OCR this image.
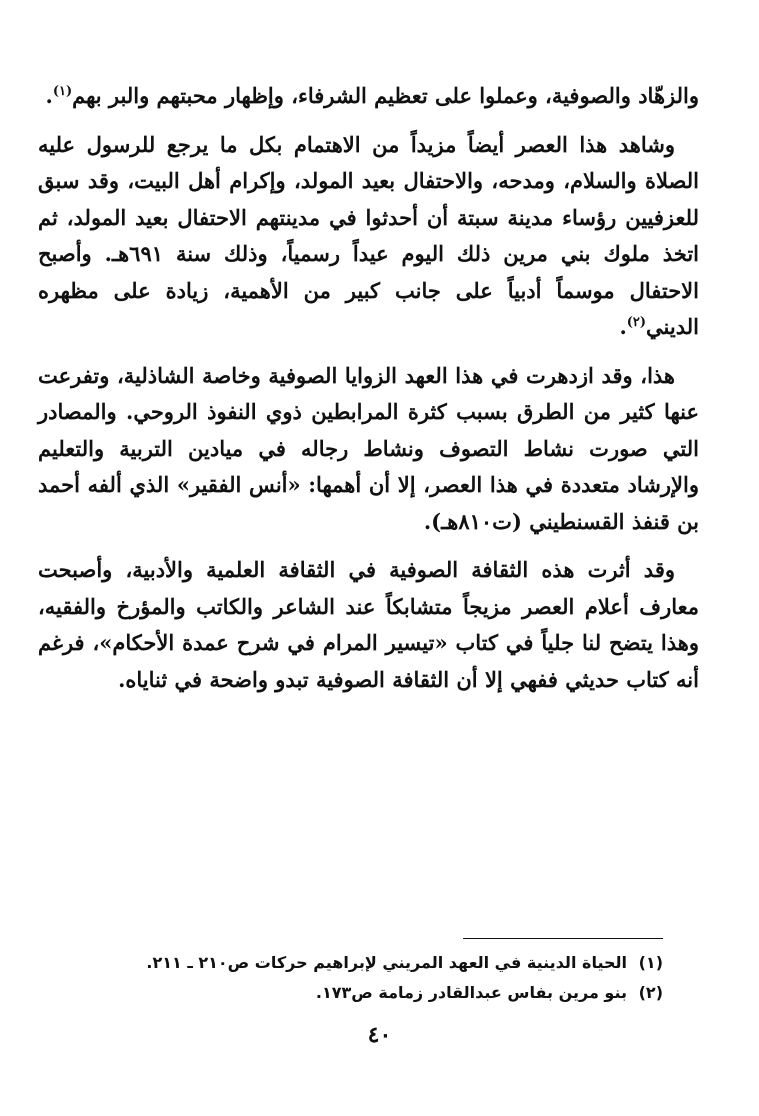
والزهّاد والصوفية، وعملوا على تعظيم الشرفاء، وإظهار محبتهم والبر بهم$^{(١)}$.

وشاهد هذا العصر أيضاً مزيداً من الاهتمام بكل ما يرجع للرسول عليه الصلاة والسلام، ومدحه، والاحتفال بعيد المولد، وإكرام أهل البيت، وقد سبق للعزفيين رؤساء مدينة سبتة أن أحدثوا في مدينتهم الاحتفال بعيد المولد، ثم اتخذ ملوك بني مرين ذلك اليوم عيداً رسمياً، وذلك سنة ٦٩١هـ. وأصبح الاحتفال موسماً أدبياً على جانب كبير من الأهمية، زيادة على مظهره الديني$^{(٢)}$.

هذا، وقد ازدهرت في هذا العهد الزوايا الصوفية وخاصة الشاذلية، وتفرعت عنها كثير من الطرق بسبب كثرة المرابطين ذوي النفوذ الروحي. والمصادر التي صورت نشاط التصوف ونشاط رجاله في ميادين التربية والتعليم والإرشاد متعددة في هذا العصر، إلا أن أهمها: «أنس الفقير» الذي ألفه أحمد بن قنفذ القسنطيني (ت٨١٠هـ).

وقد أثرت هذه الثقافة الصوفية في الثقافة العلمية والأدبية، وأصبحت معارف أعلام العصر مزيجاً متشابكاً عند الشاعر والكاتب والمؤرخ والفقيه، وهذا يتضح لنا جلياً في كتاب «تيسير المرام في شرح عمدة الأحكام»، فرغم أنه كتاب حديثي ففهي إلا أن الثقافة الصوفية تبدو واضحة في ثناياه.

(١)الحياة الدينية في العهد المريني لإبراهيم حركات ص٢١٠ ـ ٢١١.
(٢)بنو مرين بفاس عبدالقادر زمامة ص١٧٣.
٤٠
